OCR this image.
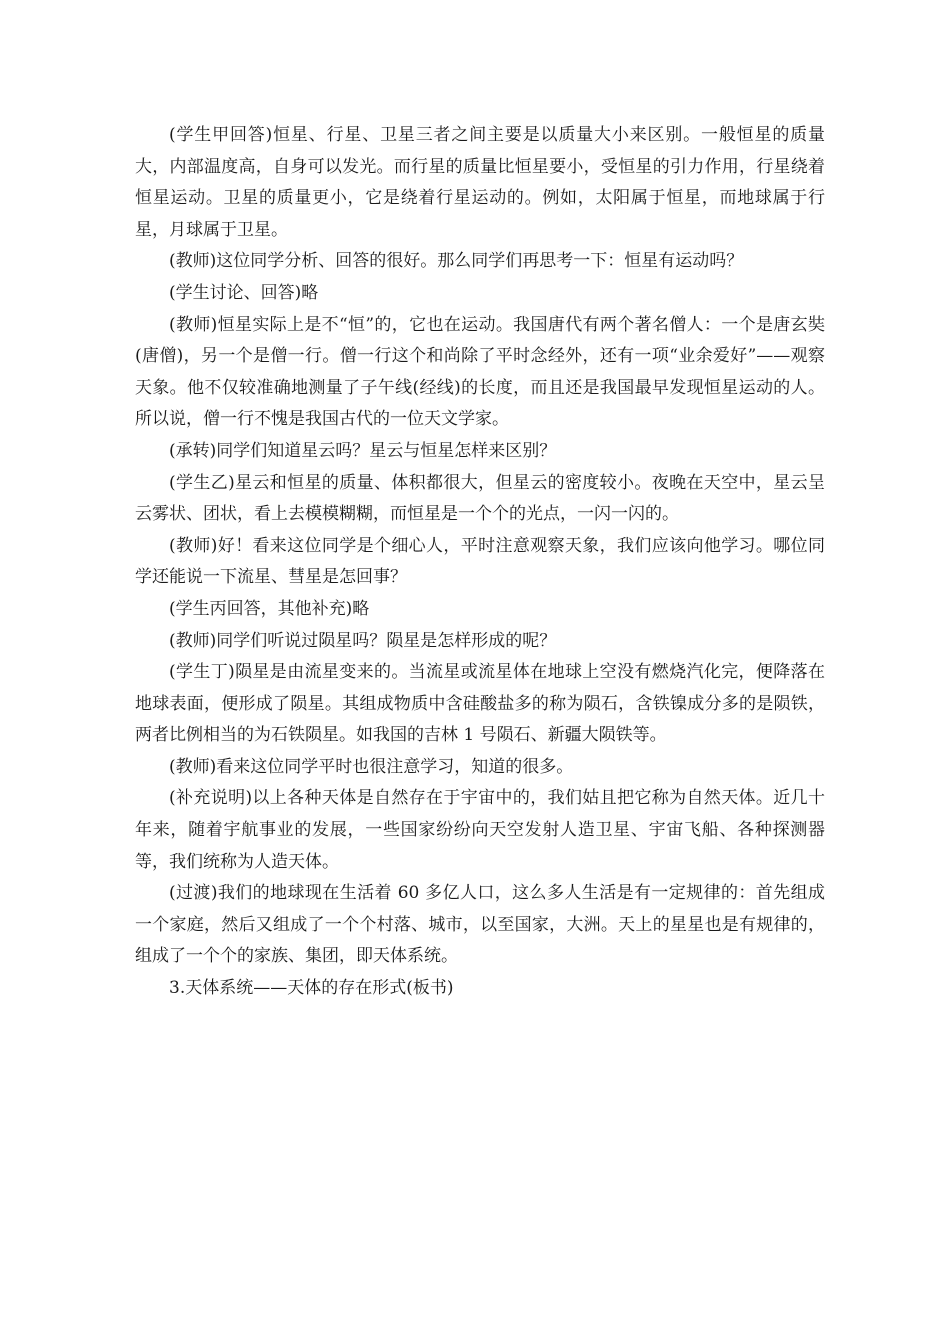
(学生甲回答)恒星、行星、卫星三者之间主要是以质量大小来区别。一般恒星的质量大，内部温度高，自身可以发光。而行星的质量比恒星要小，受恒星的引力作用，行星绕着恒星运动。卫星的质量更小，它是绕着行星运动的。例如，太阳属于恒星，而地球属于行星，月球属于卫星。

(教师)这位同学分析、回答的很好。那么同学们再思考一下：恒星有运动吗？

(学生讨论、回答)略

(教师)恒星实际上是不“恒”的，它也在运动。我国唐代有两个著名僧人：一个是唐玄奘(唐僧)，另一个是僧一行。僧一行这个和尚除了平时念经外，还有一项“业余爱好”——观察天象。他不仅较准确地测量了子午线(经线)的长度，而且还是我国最早发现恒星运动的人。所以说，僧一行不愧是我国古代的一位天文学家。

(承转)同学们知道星云吗？星云与恒星怎样来区别？

(学生乙)星云和恒星的质量、体积都很大，但星云的密度较小。夜晚在天空中，星云呈云雾状、团状，看上去模模糊糊，而恒星是一个个的光点，一闪一闪的。

(教师)好！看来这位同学是个细心人，平时注意观察天象，我们应该向他学习。哪位同学还能说一下流星、彗星是怎回事？

(学生丙回答，其他补充)略

(教师)同学们听说过陨星吗？陨星是怎样形成的呢？

(学生丁)陨星是由流星变来的。当流星或流星体在地球上空没有燃烧汽化完，便降落在地球表面，便形成了陨星。其组成物质中含硅酸盐多的称为陨石，含铁镍成分多的是陨铁，两者比例相当的为石铁陨星。如我国的吉林 1 号陨石、新疆大陨铁等。

(教师)看来这位同学平时也很注意学习，知道的很多。

(补充说明)以上各种天体是自然存在于宇宙中的，我们姑且把它称为自然天体。近几十年来，随着宇航事业的发展，一些国家纷纷向天空发射人造卫星、宇宙飞船、各种探测器等，我们统称为人造天体。

(过渡)我们的地球现在生活着 60 多亿人口，这么多人生活是有一定规律的：首先组成一个家庭，然后又组成了一个个村落、城市，以至国家，大洲。天上的星星也是有规律的，组成了一个个的家族、集团，即天体系统。

3.天体系统——天体的存在形式(板书)
